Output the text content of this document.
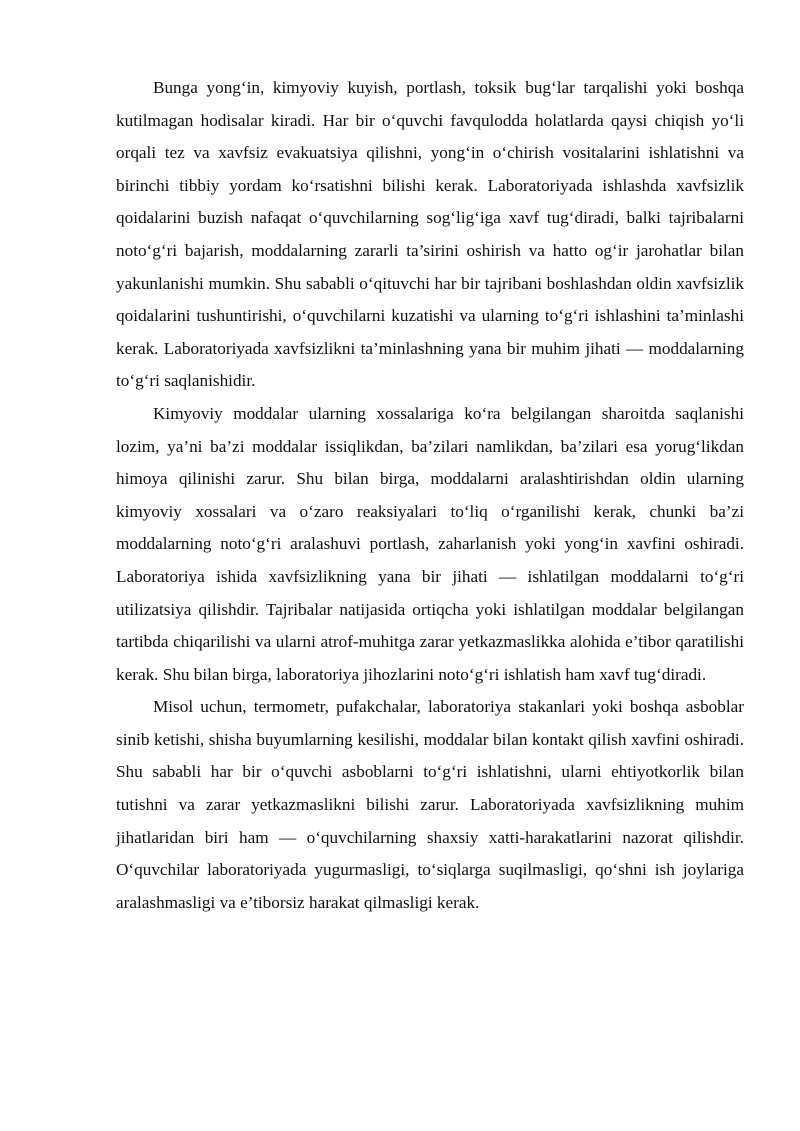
Bunga yong‘in, kimyoviy kuyish, portlash, toksik bug‘lar tarqalishi yoki boshqa kutilmagan hodisalar kiradi. Har bir o‘quvchi favqulodda holatlarda qaysi chiqish yo‘li orqali tez va xavfsiz evakuatsiya qilishni, yong‘in o‘chirish vositalarini ishlatishni va birinchi tibbiy yordam ko‘rsatishni bilishi kerak. Laboratoriyada ishlashda xavfsizlik qoidalarini buzish nafaqat o‘quvchilarning sog‘lig‘iga xavf tug‘diradi, balki tajribalarni noto‘g‘ri bajarish, moddalarning zararli ta’sirini oshirish va hatto og‘ir jarohatlar bilan yakunlanishi mumkin. Shu sababli o‘qituvchi har bir tajribani boshlashdan oldin xavfsizlik qoidalarini tushuntirishi, o‘quvchilarni kuzatishi va ularning to‘g‘ri ishlashini ta’minlashi kerak. Laboratoriyada xavfsizlikni ta’minlashning yana bir muhim jihati — moddalarning to‘g‘ri saqlanishidir.

Kimyoviy moddalar ularning xossalariga ko‘ra belgilangan sharoitda saqlanishi lozim, ya’ni ba’zi moddalar issiqlikdan, ba’zilari namlikdan, ba’zilari esa yorug‘likdan himoya qilinishi zarur. Shu bilan birga, moddalarni aralashtirishdan oldin ularning kimyoviy xossalari va o‘zaro reaksiyalari to‘liq o‘rganilishi kerak, chunki ba’zi moddalarning noto‘g‘ri aralashuvi portlash, zaharlanish yoki yong‘in xavfini oshiradi. Laboratoriya ishida xavfsizlikning yana bir jihati — ishlatilgan moddalarni to‘g‘ri utilizatsiya qilishdir. Tajribalar natijasida ortiqcha yoki ishlatilgan moddalar belgilangan tartibda chiqarilishi va ularni atrof-muhitga zarar yetkazmaslikka alohida e’tibor qaratilishi kerak. Shu bilan birga, laboratoriya jihozlarini noto‘g‘ri ishlatish ham xavf tug‘diradi.

Misol uchun, termometr, pufakchalar, laboratoriya stakanlari yoki boshqa asboblar sinib ketishi, shisha buyumlarning kesilishi, moddalar bilan kontakt qilish xavfini oshiradi. Shu sababli har bir o‘quvchi asboblarni to‘g‘ri ishlatishni, ularni ehtiyotkorlik bilan tutishni va zarar yetkazmaslikni bilishi zarur. Laboratoriyada xavfsizlikning muhim jihatlaridan biri ham — o‘quvchilarning shaxsiy xatti-harakatlarini nazorat qilishdir. O‘quvchilar laboratoriyada yugurmasligi, to‘siqlarga suqilmasligi, qo‘shni ish joylariga aralashmasligi va e’tiborsiz harakat qilmasligi kerak.
